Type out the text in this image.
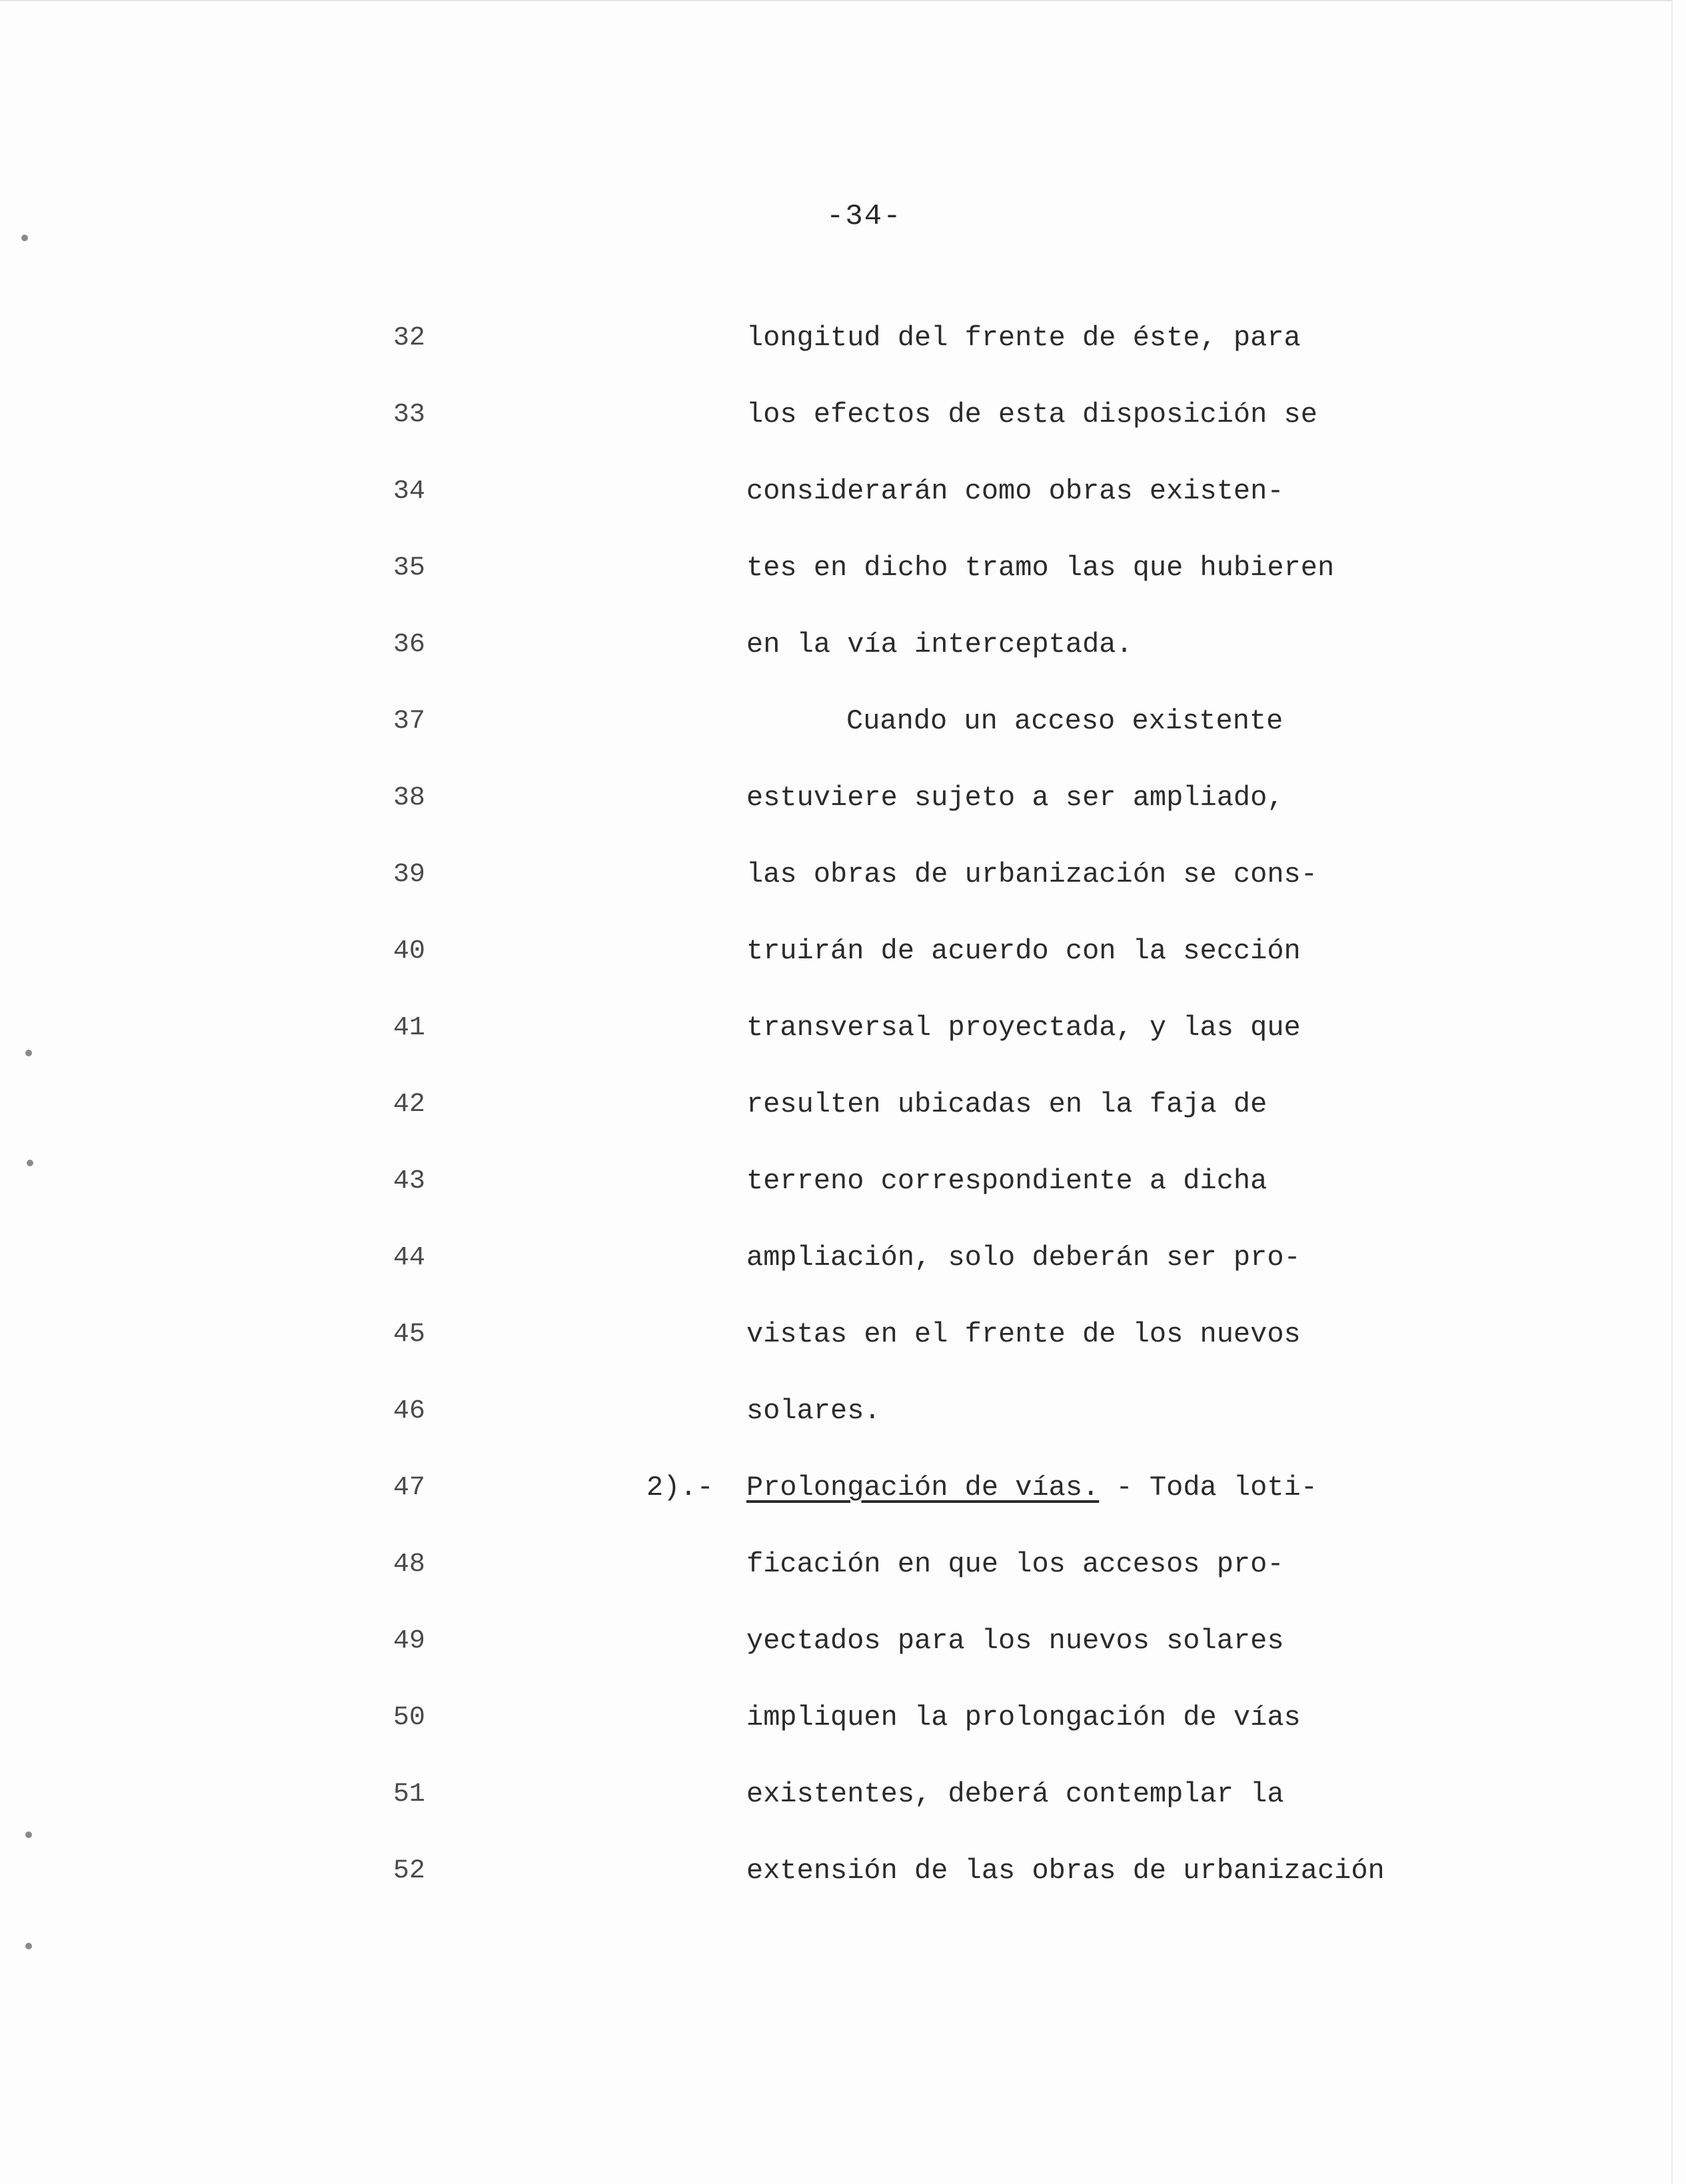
-34-
32
33
34
35
36
37
38
39
40
41
42
43
44
45
46
47
48
49
50
51
52
longitud del frente de éste, para
los efectos de esta disposición se
considerarán como obras existen-
tes en dicho tramo las que hubieren
en la vía interceptada.
Cuando un acceso existente
estuviere sujeto a ser ampliado,
las obras de urbanización se cons-
truirán de acuerdo con la sección
transversal proyectada, y las que
resulten ubicadas en la faja de
terreno correspondiente a dicha
ampliación, solo deberán ser pro-
vistas en el frente de los nuevos
solares.
2).- Prolongación de vías. - Toda loti-
ficación en que los accesos pro-
yectados para los nuevos solares
impliquen la prolongación de vías
existentes, deberá contemplar la
extensión de las obras de urbanización
